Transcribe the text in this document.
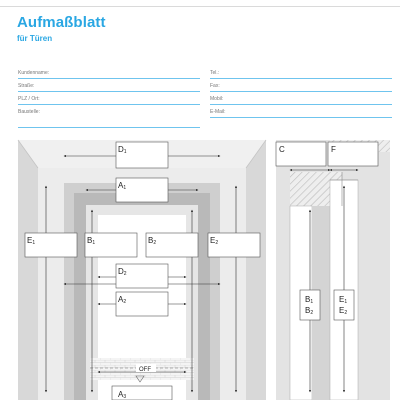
Aufmaßblatt
für Türen
Kundenname:
Straße:
PLZ / Ort:
Baustelle:
Tel.:
Fax:
Mobil:
E-Mail:
D1
A1
E1	B1	B2	E2
D2
A2
OFF
A3
C	F
B1
B2
E1
E2
